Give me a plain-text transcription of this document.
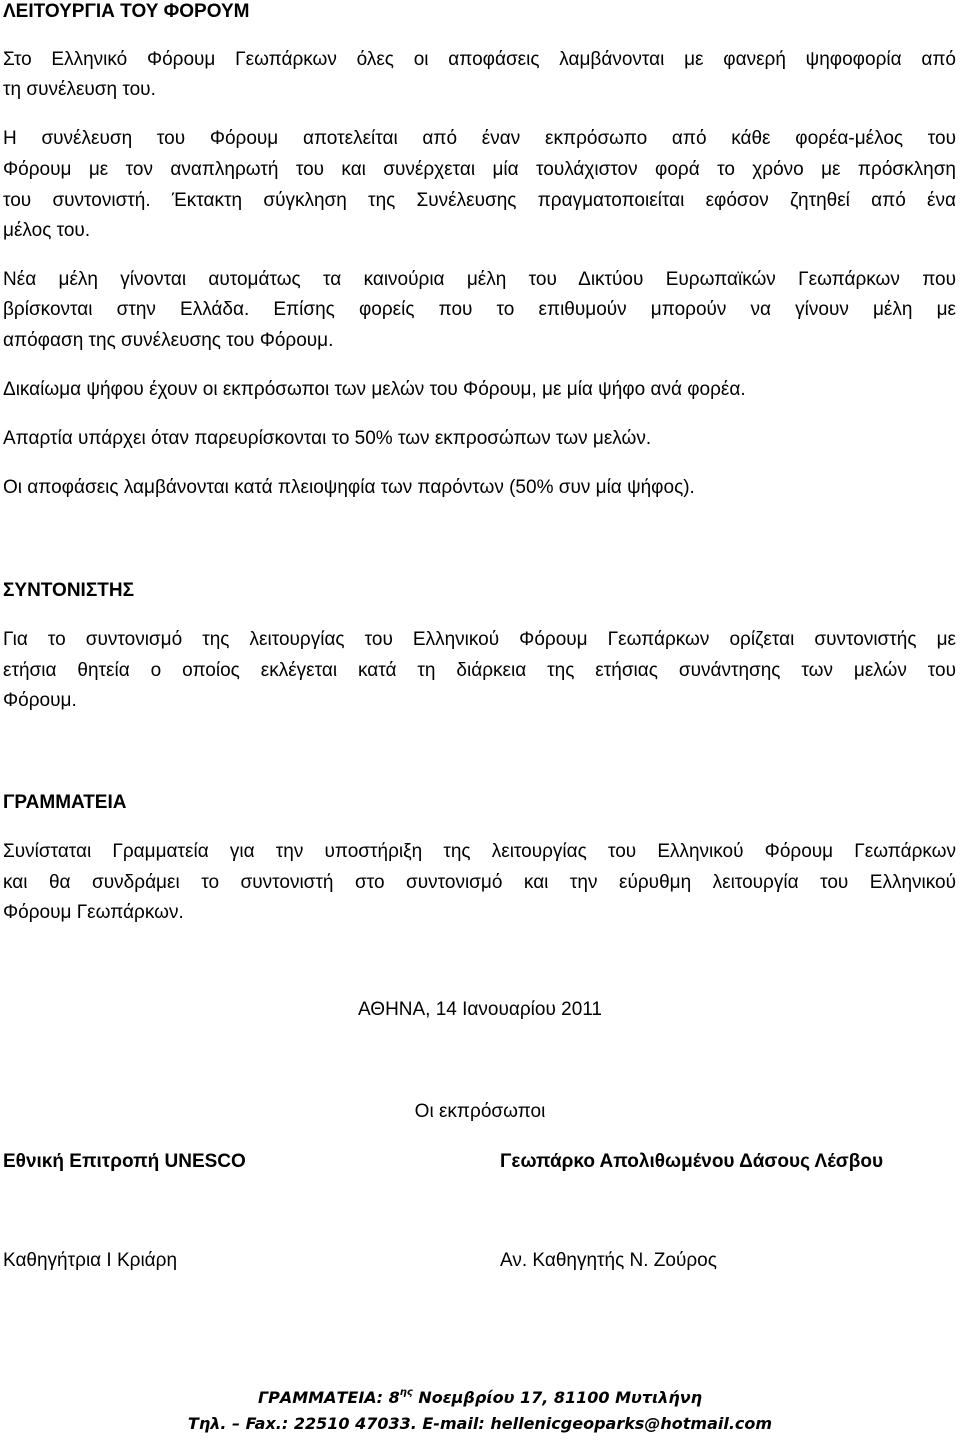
ΛΕΙΤΟΥΡΓΙΑ ΤΟΥ ΦΟΡΟΥΜ
Στο Ελληνικό Φόρουμ Γεωπάρκων όλες οι αποφάσεις λαμβάνονται με φανερή ψηφοφορία από
τη συνέλευση του.
Η συνέλευση του Φόρουμ αποτελείται από έναν εκπρόσωπο από κάθε φορέα-μέλος του
Φόρουμ με τον αναπληρωτή του και συνέρχεται μία τουλάχιστον φορά το χρόνο με πρόσκληση
του συντονιστή. Έκτακτη σύγκληση της Συνέλευσης πραγματοποιείται εφόσον ζητηθεί από ένα
μέλος του.
Νέα μέλη γίνονται αυτομάτως τα καινούρια μέλη του Δικτύου Ευρωπαϊκών Γεωπάρκων που
βρίσκονται στην Ελλάδα. Επίσης φορείς που το επιθυμούν μπορούν να γίνουν μέλη με
απόφαση της συνέλευσης του Φόρουμ.
Δικαίωμα ψήφου έχουν οι εκπρόσωποι των μελών του Φόρουμ, με μία ψήφο ανά φορέα.
Απαρτία υπάρχει όταν παρευρίσκονται το 50% των εκπροσώπων των μελών.
Οι αποφάσεις λαμβάνονται κατά πλειοψηφία των παρόντων (50% συν μία ψήφος).
ΣΥΝΤΟΝΙΣΤΗΣ
Για το συντονισμό της λειτουργίας του Ελληνικού Φόρουμ Γεωπάρκων ορίζεται συντονιστής με
ετήσια θητεία ο οποίος εκλέγεται κατά τη διάρκεια της ετήσιας συνάντησης των μελών του
Φόρουμ.
ΓΡΑΜΜΑΤΕΙΑ
Συνίσταται Γραμματεία για την υποστήριξη της λειτουργίας του Ελληνικού Φόρουμ Γεωπάρκων
και θα συνδράμει το συντονιστή στο συντονισμό και την εύρυθμη λειτουργία του Ελληνικού
Φόρουμ Γεωπάρκων.
ΑΘΗΝΑ, 14 Ιανουαρίου 2011
Οι εκπρόσωποι
Εθνική Επιτροπή UNESCO	Γεωπάρκο Απολιθωμένου Δάσους Λέσβου
Καθηγήτρια Ι Κριάρη	Αν. Καθηγητής Ν. Ζούρος
ΓΡΑΜΜΑΤΕΙΑ: $8^{\eta\varsigma}$ Νοεμβρίου 17, 81100 Μυτιλήνη
Τηλ. – Fax.: 22510 47033. E-mail: hellenicgeoparks@hotmail.com
